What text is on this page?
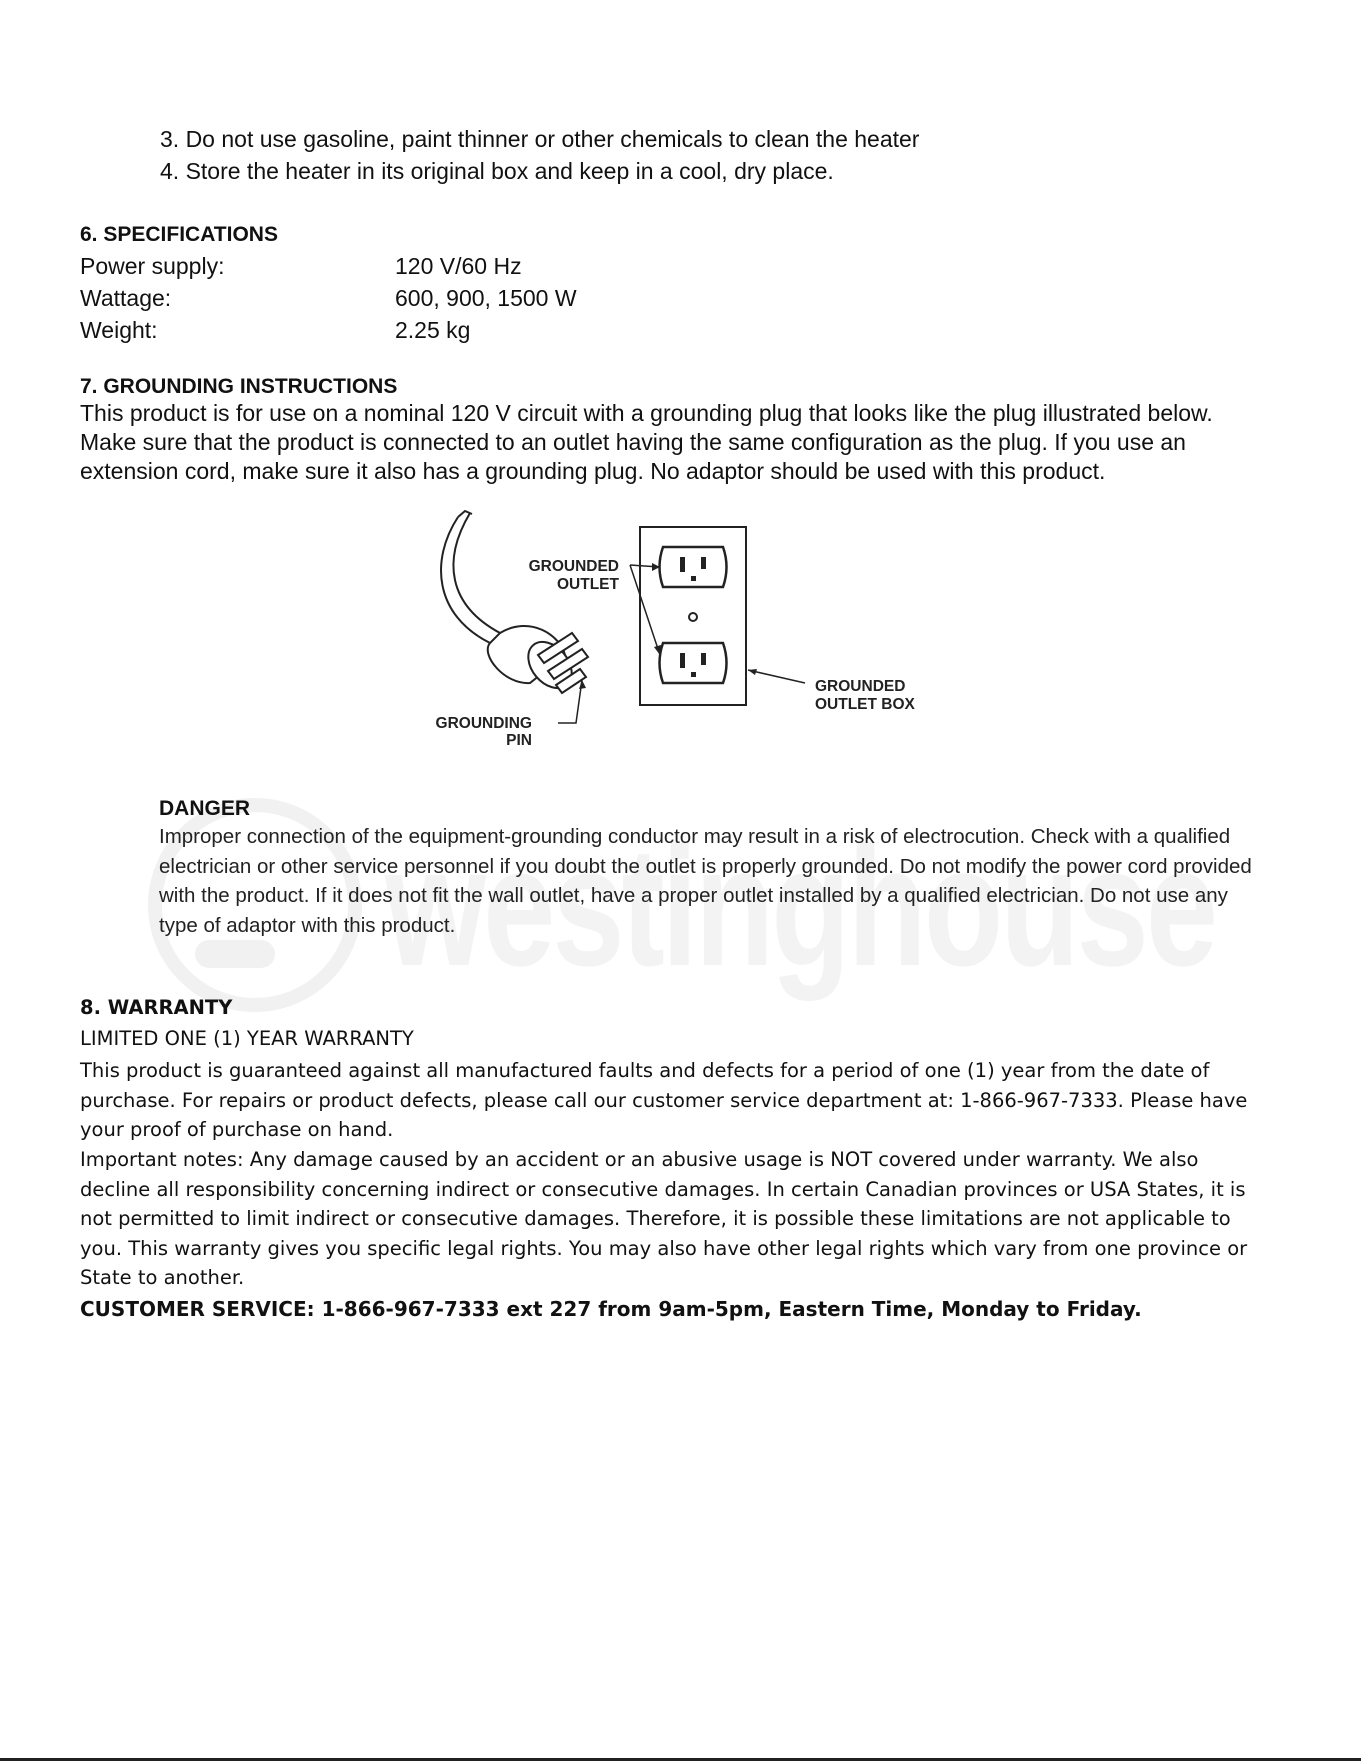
westinghouse
3. Do not use gasoline, paint thinner or other chemicals to clean the heater
4. Store the heater in its original box and keep in a cool, dry place.
6. SPECIFICATIONS
Power supply:	120 V/60 Hz
Wattage:	600, 900, 1500 W
Weight:	2.25 kg
7. GROUNDING INSTRUCTIONS
This product is for use on a nominal 120 V circuit with a grounding plug that looks like the plug illustrated below. Make sure that the product is connected to an outlet having the same configuration as the plug. If you use an extension cord, make sure it also has a grounding plug. No adaptor should be used with this product.
GROUNDED
OUTLET
GROUNDED
OUTLET BOX
GROUNDING
PIN
DANGER
Improper connection of the equipment-grounding conductor may result in a risk of electrocution. Check with a qualified electrician or other service personnel if you doubt the outlet is properly grounded. Do not modify the power cord provided with the product. If it does not fit the wall outlet, have a proper outlet installed by a qualified electrician. Do not use any type of adaptor with this product.
8. WARRANTY
LIMITED ONE (1) YEAR WARRANTY
This product is guaranteed against all manufactured faults and defects for a period of one (1) year from the date of purchase. For repairs or product defects, please call our customer service department at: 1-866-967-7333. Please have your proof of purchase on hand.
Important notes: Any damage caused by an accident or an abusive usage is NOT covered under warranty. We also decline all responsibility concerning indirect or consecutive damages. In certain Canadian provinces or USA States, it is not permitted to limit indirect or consecutive damages. Therefore, it is possible these limitations are not applicable to you. This warranty gives you specific legal rights. You may also have other legal rights which vary from one province or State to another.
CUSTOMER SERVICE: 1-866-967-7333 ext 227 from 9am-5pm, Eastern Time, Monday to Friday.
